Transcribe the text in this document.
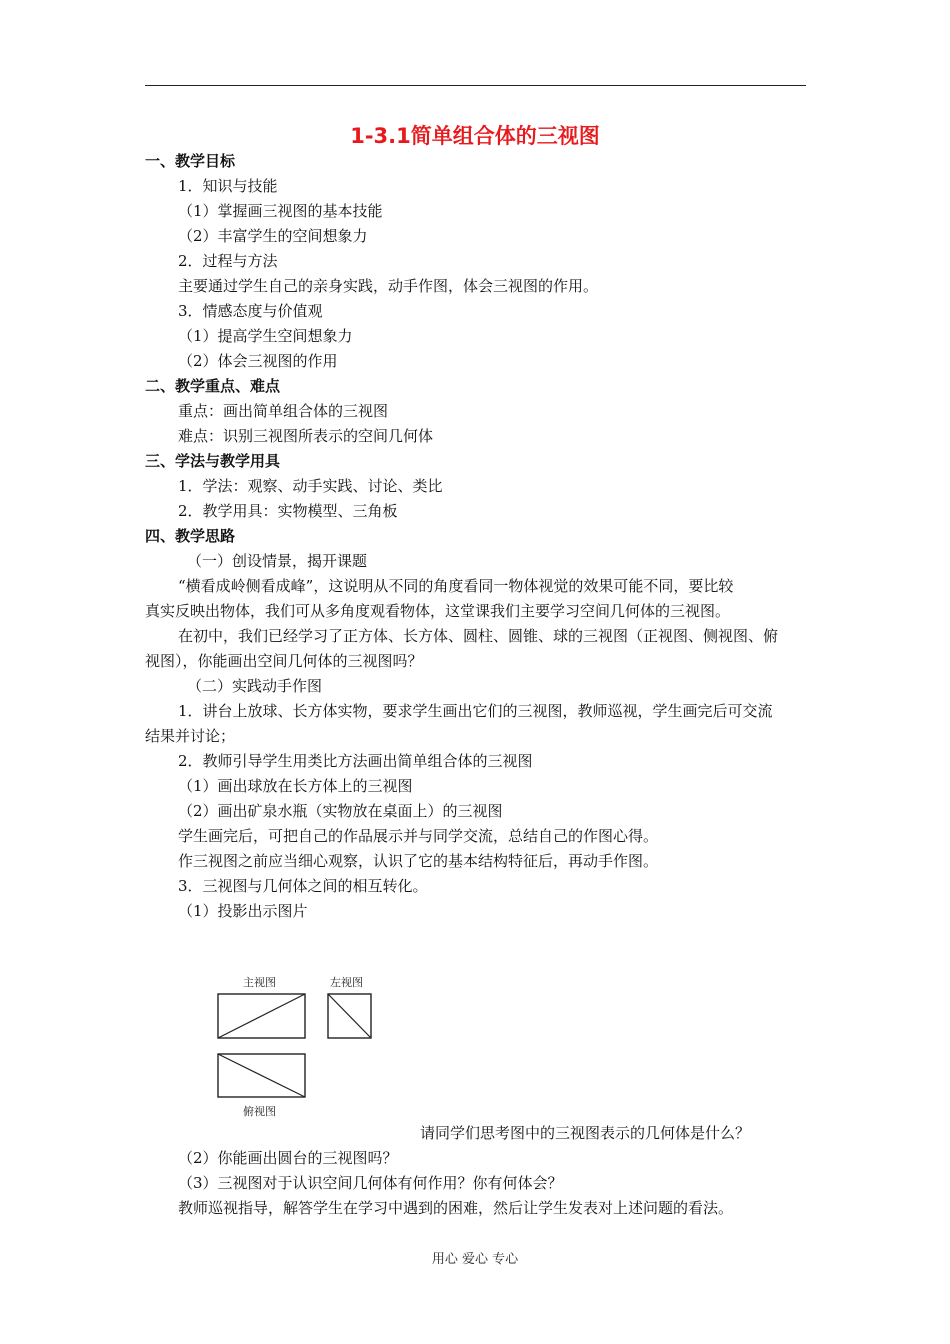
1-3.1简单组合体的三视图
一、教学目标
1．知识与技能
（1）掌握画三视图的基本技能
（2）丰富学生的空间想象力
2．过程与方法
主要通过学生自己的亲身实践，动手作图，体会三视图的作用。
3．情感态度与价值观
（1）提高学生空间想象力
（2）体会三视图的作用
二、教学重点、难点
重点：画出简单组合体的三视图
难点：识别三视图所表示的空间几何体
三、学法与教学用具
1．学法：观察、动手实践、讨论、类比
2．教学用具：实物模型、三角板
四、教学思路
（一）创设情景，揭开课题
“横看成岭侧看成峰”，这说明从不同的角度看同一物体视觉的效果可能不同，要比较
真实反映出物体，我们可从多角度观看物体，这堂课我们主要学习空间几何体的三视图。
在初中，我们已经学习了正方体、长方体、圆柱、圆锥、球的三视图（正视图、侧视图、俯
视图），你能画出空间几何体的三视图吗？
（二）实践动手作图
1．讲台上放球、长方体实物，要求学生画出它们的三视图，教师巡视，学生画完后可交流
结果并讨论；
2．教师引导学生用类比方法画出简单组合体的三视图
（1）画出球放在长方体上的三视图
（2）画出矿泉水瓶（实物放在桌面上）的三视图
学生画完后，可把自己的作品展示并与同学交流，总结自己的作图心得。
作三视图之前应当细心观察，认识了它的基本结构特征后，再动手作图。
3．三视图与几何体之间的相互转化。
（1）投影出示图片
主视图	左视图
俯视图
请同学们思考图中的三视图表示的几何体是什么？
（2）你能画出圆台的三视图吗？
（3）三视图对于认识空间几何体有何作用？你有何体会？
教师巡视指导，解答学生在学习中遇到的困难，然后让学生发表对上述问题的看法。
用心 爱心 专心
